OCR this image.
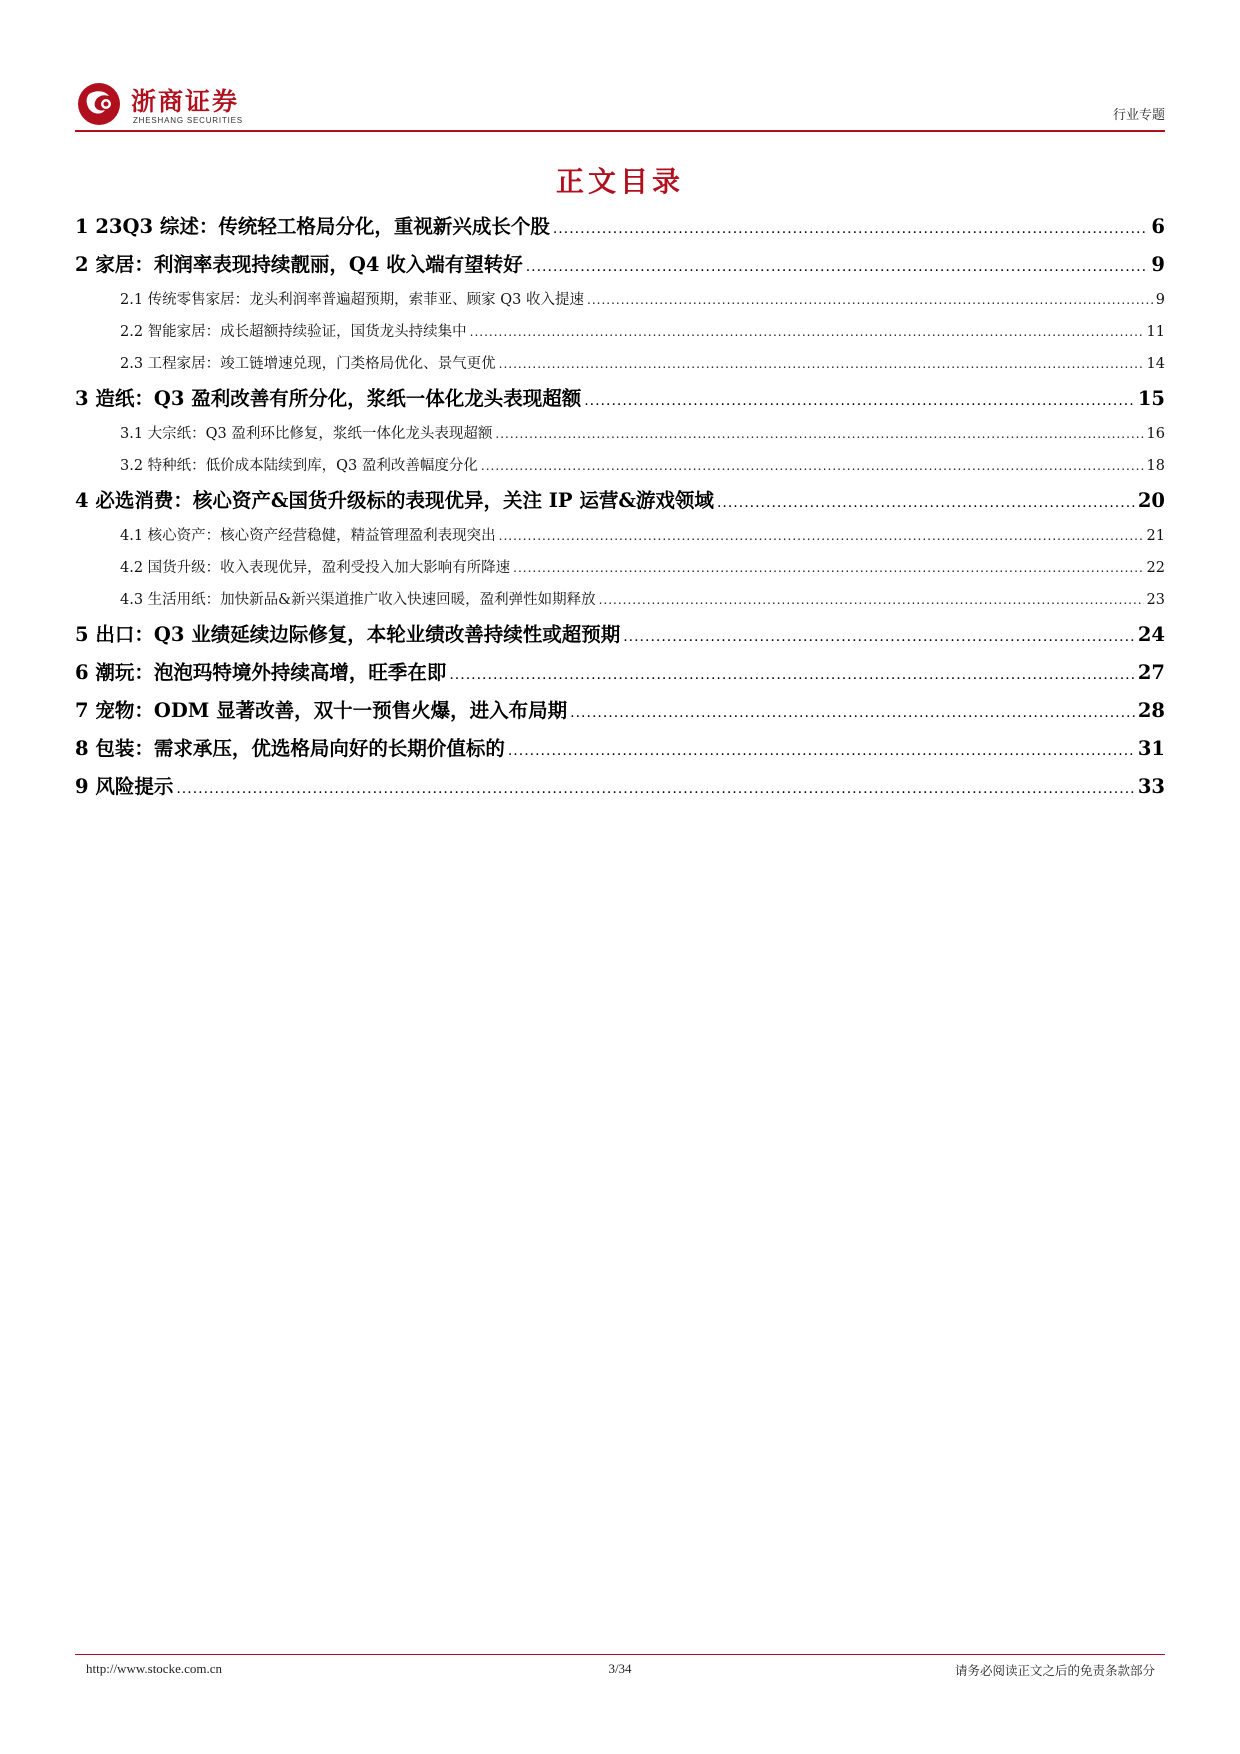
浙商证券
ZHESHANG SECURITIES	行业专题
正文目录
1 23Q3 综述：传统轻工格局分化，重视新兴成长个股 .....	6
2 家居：利润率表现持续靓丽，Q4 收入端有望转好 .....	9
2.1 传统零售家居：龙头利润率普遍超预期，索菲亚、顾家 Q3 收入提速 .....	9
2.2 智能家居：成长超额持续验证，国货龙头持续集中 .....	11
2.3 工程家居：竣工链增速兑现，门类格局优化、景气更优 .....	14
3 造纸：Q3 盈利改善有所分化，浆纸一体化龙头表现超额 .....	15
3.1 大宗纸：Q3 盈利环比修复，浆纸一体化龙头表现超额 .....	16
3.2 特种纸：低价成本陆续到库，Q3 盈利改善幅度分化 .....	18
4 必选消费：核心资产&国货升级标的表现优异，关注 IP 运营&游戏领域 .....	20
4.1 核心资产：核心资产经营稳健，精益管理盈利表现突出 .....	21
4.2 国货升级：收入表现优异，盈利受投入加大影响有所降速 .....	22
4.3 生活用纸：加快新品&新兴渠道推广收入快速回暖，盈利弹性如期释放 .....	23
5 出口：Q3 业绩延续边际修复，本轮业绩改善持续性或超预期 .....	24
6 潮玩：泡泡玛特境外持续高增，旺季在即 .....	27
7 宠物：ODM 显著改善，双十一预售火爆，进入布局期 .....	28
8 包装：需求承压，优选格局向好的长期价值标的 .....	31
9 风险提示 .....	33
http://www.stocke.com.cn	3/34	请务必阅读正文之后的免责条款部分
